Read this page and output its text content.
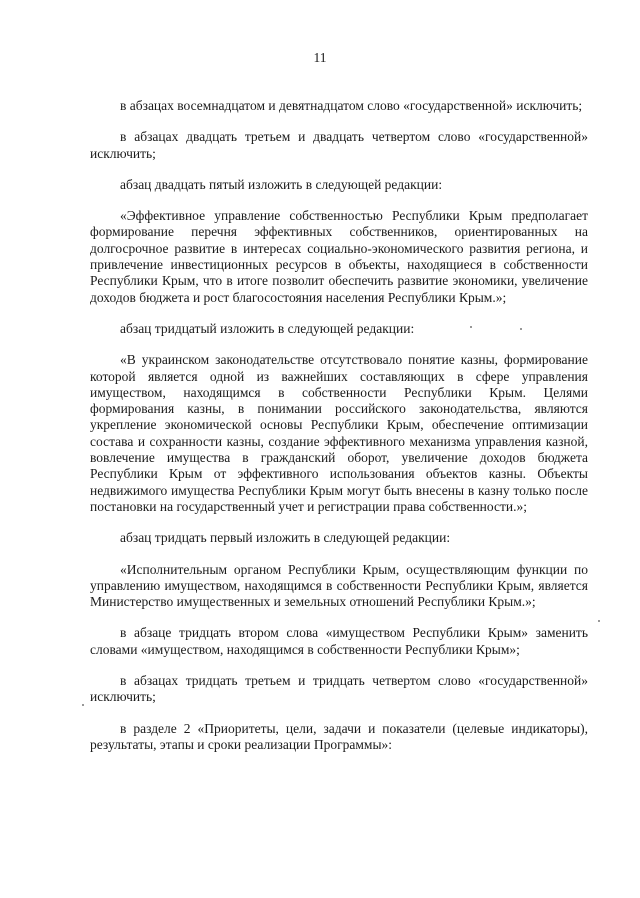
11

в абзацах восемнадцатом и девятнадцатом слово «государственной» исключить;

в абзацах двадцать третьем и двадцать четвертом слово «государственной» исключить;

абзац двадцать пятый изложить в следующей редакции:

«Эффективное управление собственностью Республики Крым предполагает формирование перечня эффективных собственников, ориентированных на долгосрочное развитие в интересах социально-экономического развития региона, и привлечение инвестиционных ресурсов в объекты, находящиеся в собственности Республики Крым, что в итоге позволит обеспечить развитие экономики, увеличение доходов бюджета и рост благосостояния населения Республики Крым.»;

абзац тридцатый изложить в следующей редакции:

«В украинском законодательстве отсутствовало понятие казны, формирование которой является одной из важнейших составляющих в сфере управления имуществом, находящимся в собственности Республики Крым. Целями формирования казны, в понимании российского законодательства, являются укрепление экономической основы Республики Крым, обеспечение оптимизации состава и сохранности казны, создание эффективного механизма управления казной, вовлечение имущества в гражданский оборот, увеличение доходов бюджета Республики Крым от эффективного использования объектов казны. Объекты недвижимого имущества Республики Крым могут быть внесены в казну только после постановки на государственный учет и регистрации права собственности.»;

абзац тридцать первый изложить в следующей редакции:

«Исполнительным органом Республики Крым, осуществляющим функции по управлению имуществом, находящимся в собственности Республики Крым, является Министерство имущественных и земельных отношений Республики Крым.»;

в абзаце тридцать втором слова «имуществом Республики Крым» заменить словами «имуществом, находящимся в собственности Республики Крым»;

в абзацах тридцать третьем и тридцать четвертом слово «государственной» исключить;

в разделе 2 «Приоритеты, цели, задачи и показатели (целевые индикаторы), результаты, этапы и сроки реализации Программы»:
